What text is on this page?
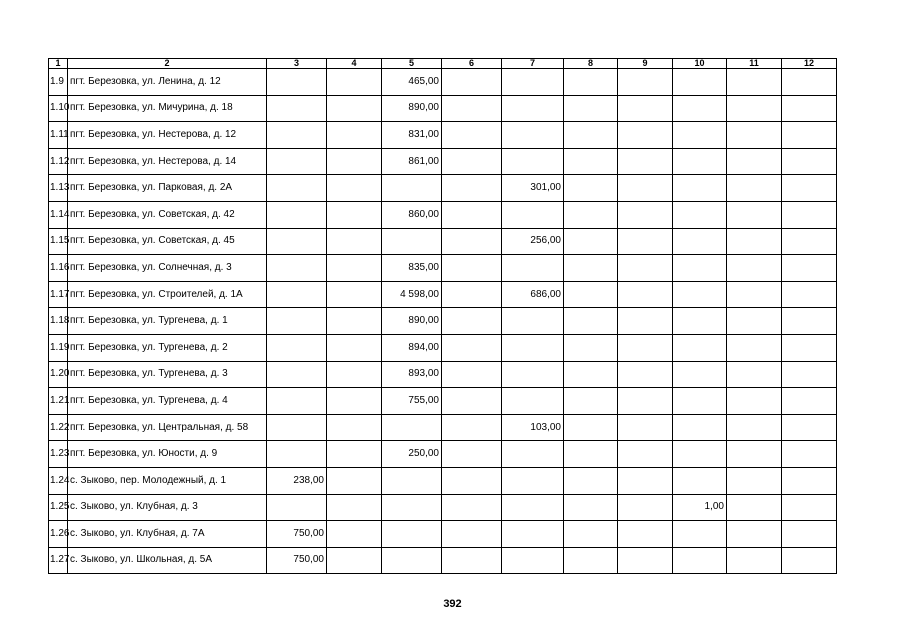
1	2	3	4	5	6	7	8	9	10	11	12
1.9	пгт. Березовка, ул. Ленина, д. 12			465,00							
1.10	пгт. Березовка, ул. Мичурина, д. 18			890,00							
1.11	пгт. Березовка, ул. Нестерова, д. 12			831,00							
1.12	пгт. Березовка, ул. Нестерова, д. 14			861,00							
1.13	пгт. Березовка, ул. Парковая, д. 2А					301,00					
1.14	пгт. Березовка, ул. Советская, д. 42			860,00							
1.15	пгт. Березовка, ул. Советская, д. 45					256,00					
1.16	пгт. Березовка, ул. Солнечная, д. 3			835,00							
1.17	пгт. Березовка, ул. Строителей, д. 1А			4 598,00		686,00					
1.18	пгт. Березовка, ул. Тургенева, д. 1			890,00							
1.19	пгт. Березовка, ул. Тургенева, д. 2			894,00							
1.20	пгт. Березовка, ул. Тургенева, д. 3			893,00							
1.21	пгт. Березовка, ул. Тургенева, д. 4			755,00							
1.22	пгт. Березовка, ул. Центральная, д. 58					103,00					
1.23	пгт. Березовка, ул. Юности, д. 9			250,00							
1.24	с. Зыково, пер. Молодежный, д. 1	238,00									
1.25	с. Зыково, ул. Клубная, д. 3								1,00		
1.26	с. Зыково, ул. Клубная, д. 7А	750,00									
1.27	с. Зыково, ул. Школьная, д. 5А	750,00									
392
